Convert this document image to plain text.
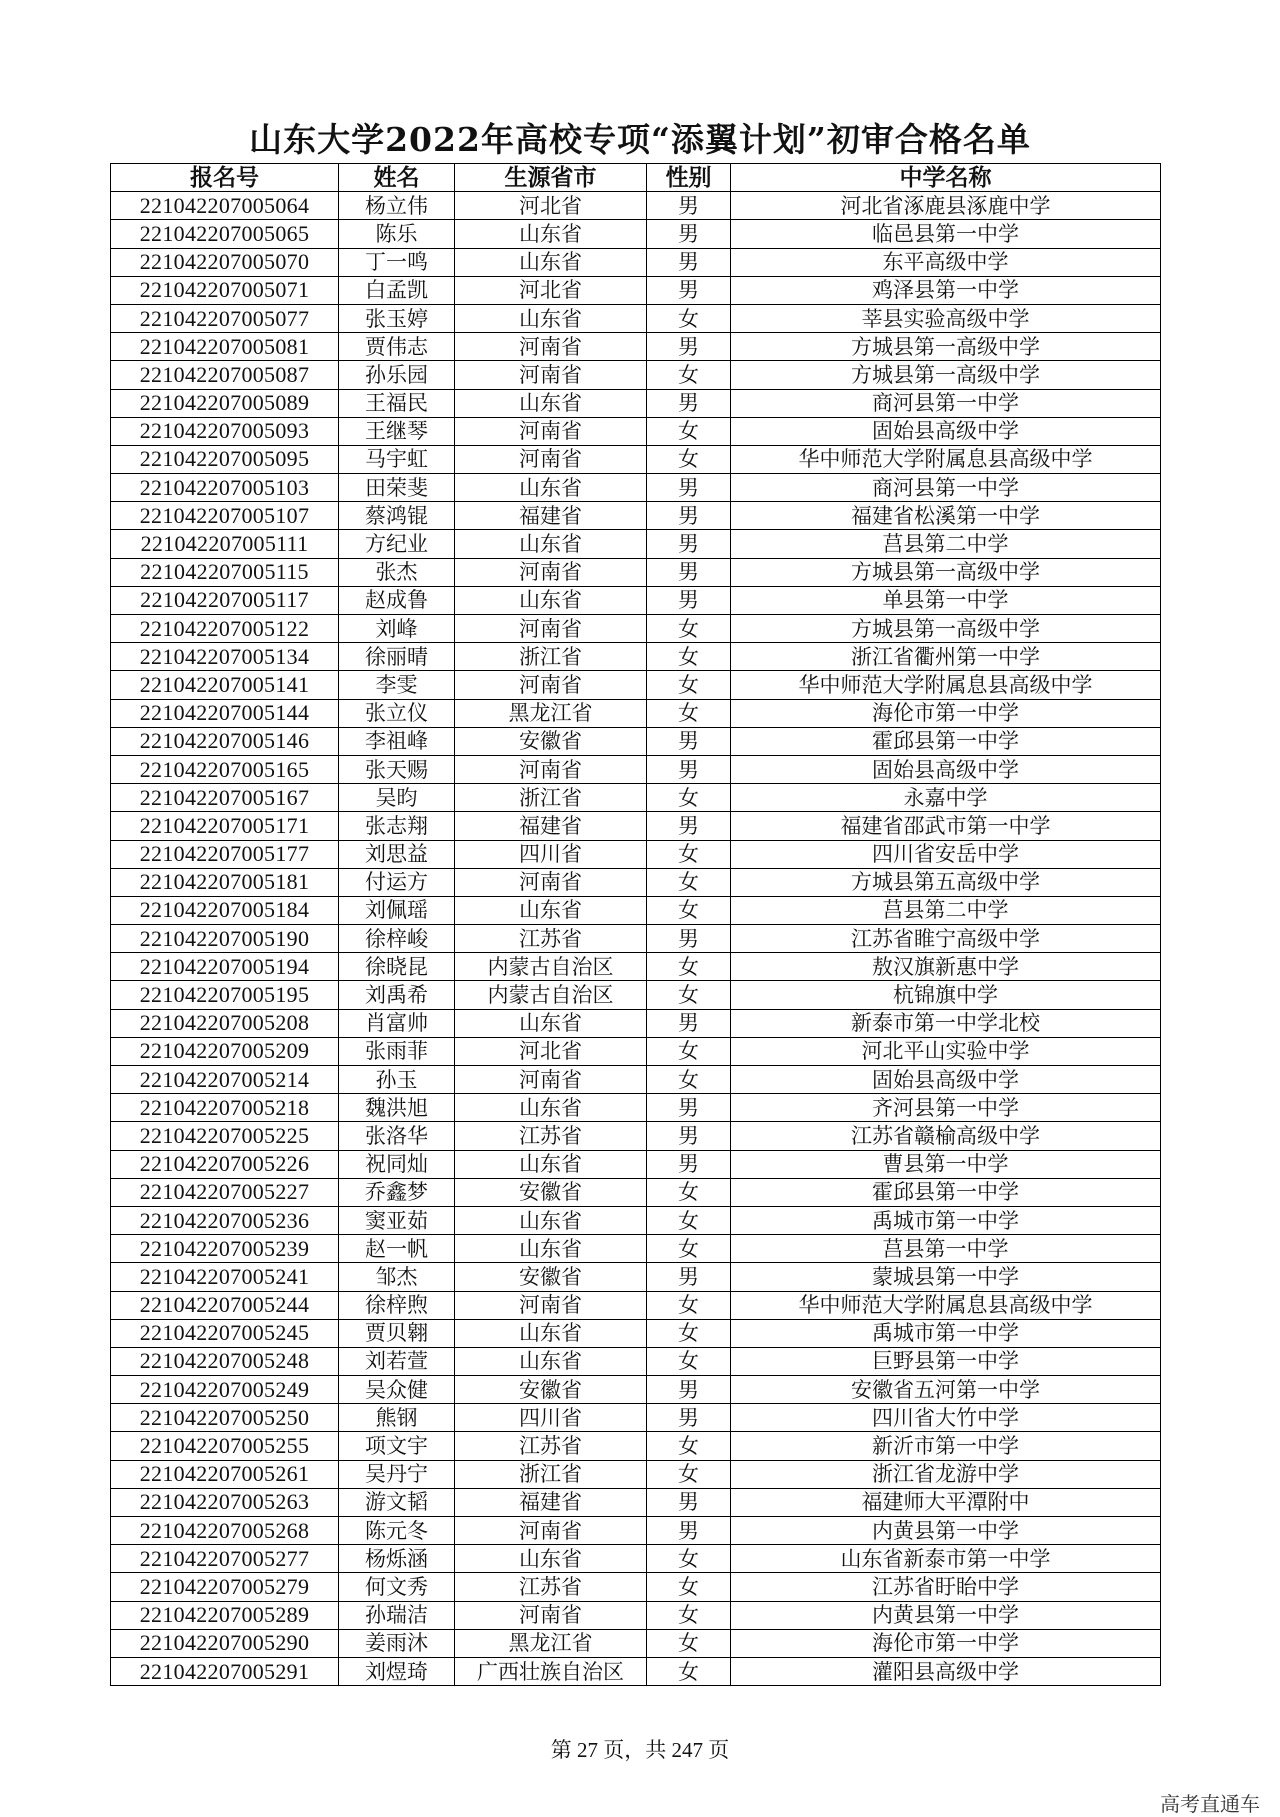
山东大学2022年高校专项“添翼计划”初审合格名单
报名号	姓名	生源省市	性别	中学名称
221042207005064	杨立伟	河北省	男	河北省涿鹿县涿鹿中学
221042207005065	陈乐	山东省	男	临邑县第一中学
221042207005070	丁一鸣	山东省	男	东平高级中学
221042207005071	白孟凯	河北省	男	鸡泽县第一中学
221042207005077	张玉婷	山东省	女	莘县实验高级中学
221042207005081	贾伟志	河南省	男	方城县第一高级中学
221042207005087	孙乐园	河南省	女	方城县第一高级中学
221042207005089	王福民	山东省	男	商河县第一中学
221042207005093	王继琴	河南省	女	固始县高级中学
221042207005095	马宇虹	河南省	女	华中师范大学附属息县高级中学
221042207005103	田荣斐	山东省	男	商河县第一中学
221042207005107	蔡鸿锟	福建省	男	福建省松溪第一中学
221042207005111	方纪业	山东省	男	莒县第二中学
221042207005115	张杰	河南省	男	方城县第一高级中学
221042207005117	赵成鲁	山东省	男	单县第一中学
221042207005122	刘峰	河南省	女	方城县第一高级中学
221042207005134	徐丽晴	浙江省	女	浙江省衢州第一中学
221042207005141	李雯	河南省	女	华中师范大学附属息县高级中学
221042207005144	张立仪	黑龙江省	女	海伦市第一中学
221042207005146	李祖峰	安徽省	男	霍邱县第一中学
221042207005165	张天赐	河南省	男	固始县高级中学
221042207005167	吴昀	浙江省	女	永嘉中学
221042207005171	张志翔	福建省	男	福建省邵武市第一中学
221042207005177	刘思益	四川省	女	四川省安岳中学
221042207005181	付运方	河南省	女	方城县第五高级中学
221042207005184	刘佩瑶	山东省	女	莒县第二中学
221042207005190	徐梓峻	江苏省	男	江苏省睢宁高级中学
221042207005194	徐晓昆	内蒙古自治区	女	敖汉旗新惠中学
221042207005195	刘禹希	内蒙古自治区	女	杭锦旗中学
221042207005208	肖富帅	山东省	男	新泰市第一中学北校
221042207005209	张雨菲	河北省	女	河北平山实验中学
221042207005214	孙玉	河南省	女	固始县高级中学
221042207005218	魏洪旭	山东省	男	齐河县第一中学
221042207005225	张洛华	江苏省	男	江苏省赣榆高级中学
221042207005226	祝同灿	山东省	男	曹县第一中学
221042207005227	乔鑫梦	安徽省	女	霍邱县第一中学
221042207005236	窦亚茹	山东省	女	禹城市第一中学
221042207005239	赵一帆	山东省	女	莒县第一中学
221042207005241	邹杰	安徽省	男	蒙城县第一中学
221042207005244	徐梓煦	河南省	女	华中师范大学附属息县高级中学
221042207005245	贾贝翱	山东省	女	禹城市第一中学
221042207005248	刘若萱	山东省	女	巨野县第一中学
221042207005249	吴众健	安徽省	男	安徽省五河第一中学
221042207005250	熊钢	四川省	男	四川省大竹中学
221042207005255	项文宇	江苏省	女	新沂市第一中学
221042207005261	吴丹宁	浙江省	女	浙江省龙游中学
221042207005263	游文韬	福建省	男	福建师大平潭附中
221042207005268	陈元冬	河南省	男	内黄县第一中学
221042207005277	杨烁涵	山东省	女	山东省新泰市第一中学
221042207005279	何文秀	江苏省	女	江苏省盱眙中学
221042207005289	孙瑞洁	河南省	女	内黄县第一中学
221042207005290	姜雨沐	黑龙江省	女	海伦市第一中学
221042207005291	刘煜琦	广西壮族自治区	女	灌阳县高级中学
第 27 页，共 247 页
高考直通车
